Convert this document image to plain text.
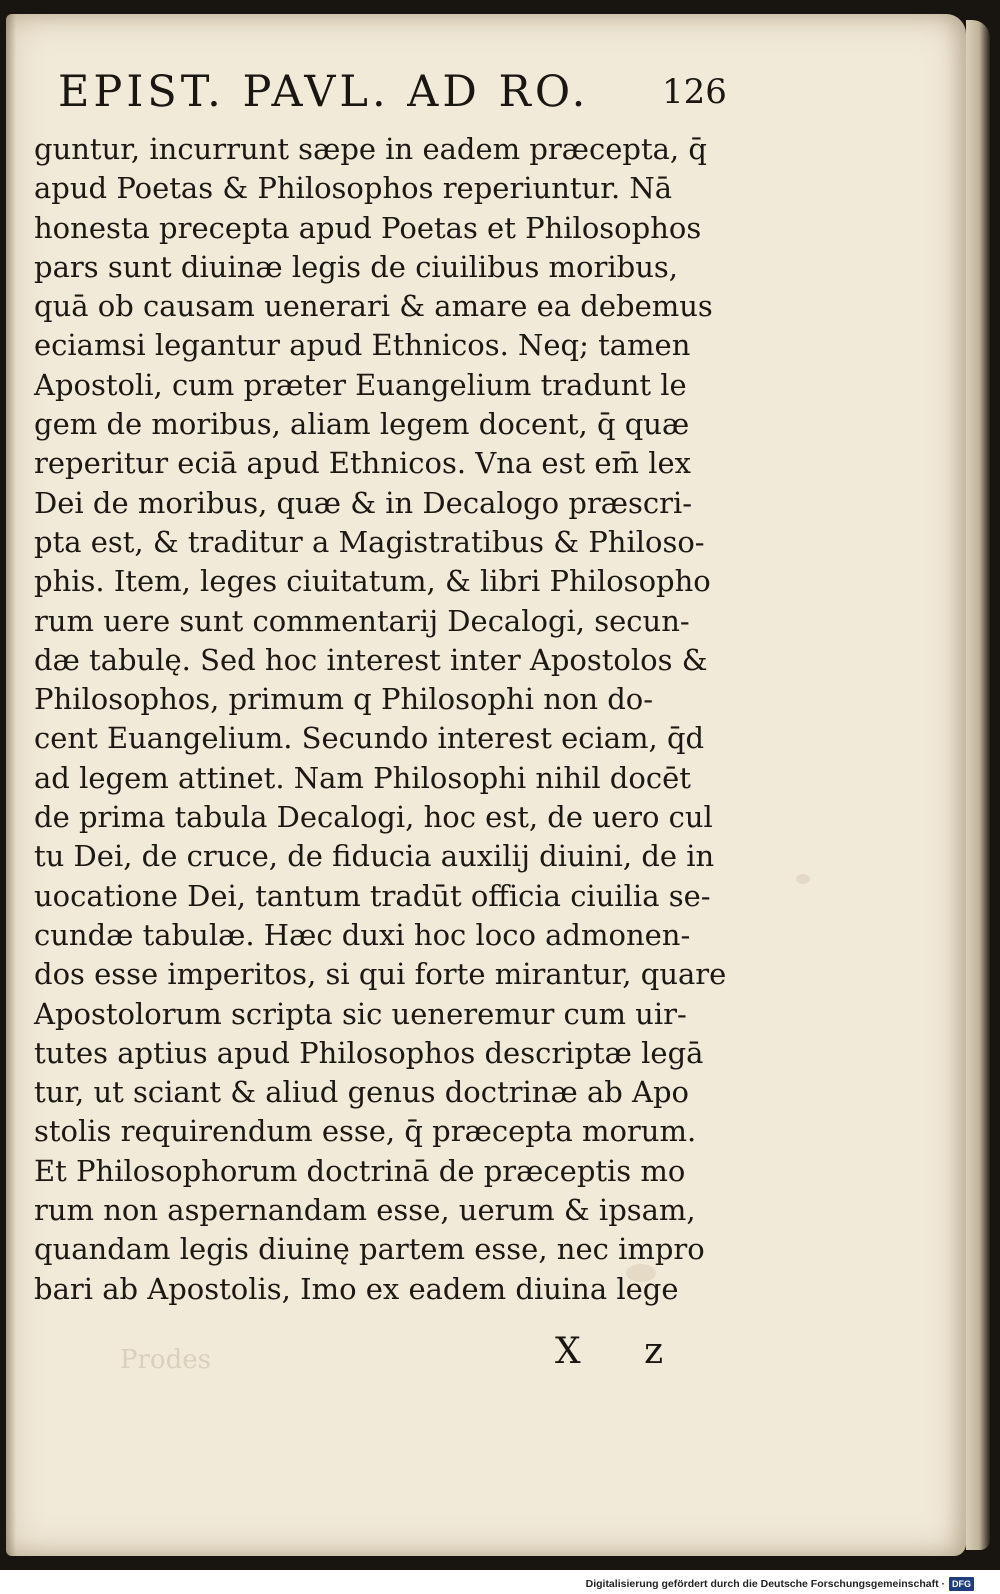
EPIST. PAVL. AD RO.	126
guntur, incurrunt sæpe in eadem præcepta, q̄
apud Poetas & Philosophos reperiuntur. Nā
honesta precepta apud Poetas et Philosophos
pars sunt diuinæ legis de ciuilibus moribus,
quā ob causam uenerari & amare ea debemus
eciamsi legantur apud Ethnicos. Neq; tamen
Apostoli, cum præter Euangelium tradunt le
gem de moribus, aliam legem docent, q̄ quæ
reperitur eciā apud Ethnicos. Vna est em̄ lex
Dei de moribus, quæ & in Decalogo præscri-
pta est, & traditur a Magistratibus & Philoso-
phis. Item, leges ciuitatum, & libri Philosopho
rum uere sunt commentarij Decalogi, secun-
dæ tabulę. Sed hoc interest inter Apostolos &
Philosophos, primum q Philosophi non do-
cent Euangelium. Secundo interest eciam, q̄d
ad legem attinet. Nam Philosophi nihil docēt
de prima tabula Decalogi, hoc est, de uero cul
tu Dei, de cruce, de fiducia auxilij diuini, de in
uocatione Dei, tantum tradūt officia ciuilia se-
cundæ tabulæ. Hæc duxi hoc loco admonen-
dos esse imperitos, si qui forte mirantur, quare
Apostolorum scripta sic ueneremur cum uir-
tutes aptius apud Philosophos descriptæ legā
tur, ut sciant & aliud genus doctrinæ ab Apo
stolis requirendum esse, q̄ præcepta morum.
Et Philosophorum doctrinā de præceptis mo
rum non aspernandam esse, uerum & ipsam,
quandam legis diuinę partem esse, nec impro
bari ab Apostolis, Imo ex eadem diuina lege
Prodes	X z
Digitalisierung gefördert durch die Deutsche Forschungsgemeinschaft · DFG
